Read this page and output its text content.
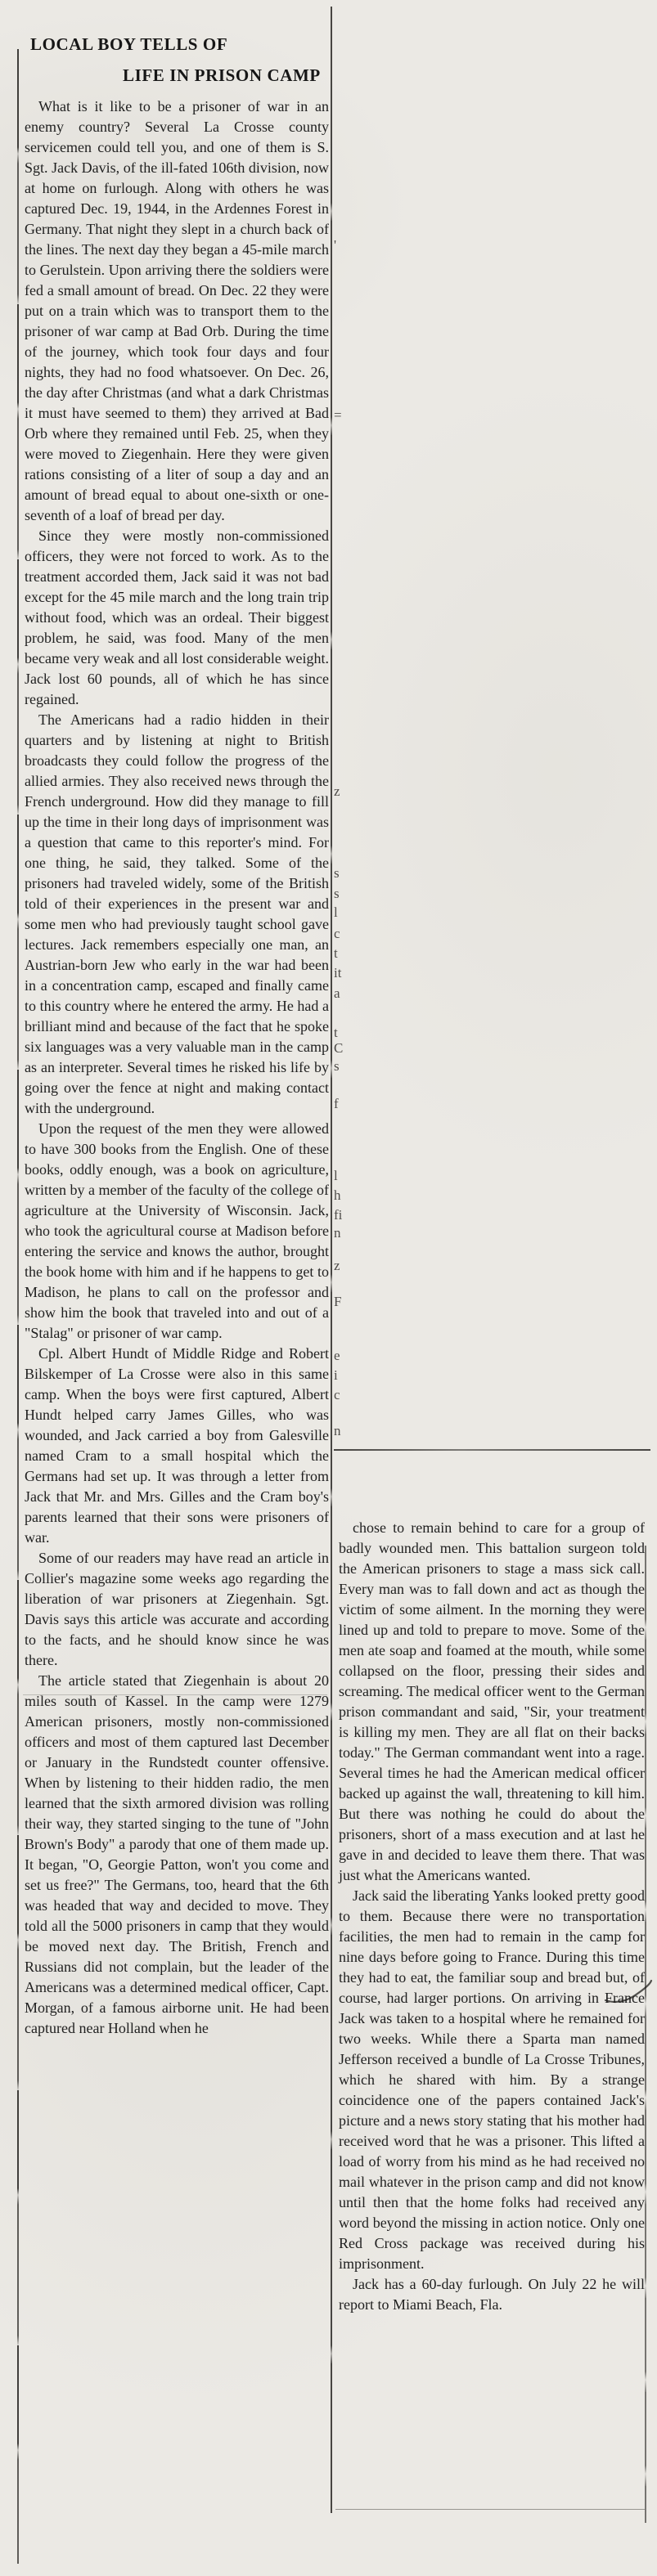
LOCAL BOY TELLS OF
LIFE IN PRISON CAMP

What is it like to be a prisoner of war in an enemy country? Several La Crosse county servicemen could tell you, and one of them is S. Sgt. Jack Davis, of the ill-fated 106th division, now at home on furlough. Along with others he was captured Dec. 19, 1944, in the Ardennes Forest in Germany. That night they slept in a church back of the lines. The next day they began a 45-mile march to Gerulstein. Upon arriving there the soldiers were fed a small amount of bread. On Dec. 22 they were put on a train which was to transport them to the prisoner of war camp at Bad Orb. During the time of the journey, which took four days and four nights, they had no food whatsoever. On Dec. 26, the day after Christmas (and what a dark Christmas it must have seemed to them) they arrived at Bad Orb where they remained until Feb. 25, when they were moved to Ziegenhain. Here they were given rations consisting of a liter of soup a day and an amount of bread equal to about one-sixth or one-seventh of a loaf of bread per day.

Since they were mostly non-commissioned officers, they were not forced to work. As to the treatment accorded them, Jack said it was not bad except for the 45 mile march and the long train trip without food, which was an ordeal. Their biggest problem, he said, was food. Many of the men became very weak and all lost considerable weight. Jack lost 60 pounds, all of which he has since regained.

The Americans had a radio hidden in their quarters and by listening at night to British broadcasts they could follow the progress of the allied armies. They also received news through the French underground. How did they manage to fill up the time in their long days of imprisonment was a question that came to this reporter's mind. For one thing, he said, they talked. Some of the prisoners had traveled widely, some of the British told of their experiences in the present war and some men who had previously taught school gave lectures. Jack remembers especially one man, an Austrian-born Jew who early in the war had been in a concentration camp, escaped and finally came to this country where he entered the army. He had a brilliant mind and because of the fact that he spoke six languages was a very valuable man in the camp as an interpreter. Several times he risked his life by going over the fence at night and making contact with the underground.

Upon the request of the men they were allowed to have 300 books from the English. One of these books, oddly enough, was a book on agriculture, written by a member of the faculty of the college of agriculture at the University of Wisconsin. Jack, who took the agricultural course at Madison before entering the service and knows the author, brought the book home with him and if he happens to get to Madison, he plans to call on the professor and show him the book that traveled into and out of a "Stalag" or prisoner of war camp.

Cpl. Albert Hundt of Middle Ridge and Robert Bilskemper of La Crosse were also in this same camp. When the boys were first captured, Albert Hundt helped carry James Gilles, who was wounded, and Jack carried a boy from Galesville named Cram to a small hospital which the Germans had set up. It was through a letter from Jack that Mr. and Mrs. Gilles and the Cram boy's parents learned that their sons were prisoners of war.

Some of our readers may have read an article in Collier's magazine some weeks ago regarding the liberation of war prisoners at Ziegenhain. Sgt. Davis says this article was accurate and according to the facts, and he should know since he was there.

The article stated that Ziegenhain is about 20 miles south of Kassel. In the camp were 1279 American prisoners, mostly non-commissioned officers and most of them captured last December or January in the Rundstedt counter offensive. When by listening to their hidden radio, the men learned that the sixth armored division was rolling their way, they started singing to the tune of "John Brown's Body" a parody that one of them made up. It began, "O, Georgie Patton, won't you come and set us free?" The Germans, too, heard that the 6th was headed that way and decided to move. They told all the 5000 prisoners in camp that they would be moved next day. The British, French and Russians did not complain, but the leader of the Americans was a determined medical officer, Capt. Morgan, of a famous airborne unit. He had been captured near Holland when he

chose to remain behind to care for a group of badly wounded men. This battalion surgeon told the American prisoners to stage a mass sick call. Every man was to fall down and act as though the victim of some ailment. In the morning they were lined up and told to prepare to move. Some of the men ate soap and foamed at the mouth, while some collapsed on the floor, pressing their sides and screaming. The medical officer went to the German prison commandant and said, "Sir, your treatment is killing my men. They are all flat on their backs today." The German commandant went into a rage. Several times he had the American medical officer backed up against the wall, threatening to kill him. But there was nothing he could do about the prisoners, short of a mass execution and at last he gave in and decided to leave them there. That was just what the Americans wanted.

Jack said the liberating Yanks looked pretty good to them. Because there were no transportation facilities, the men had to remain in the camp for nine days before going to France. During this time they had to eat, the familiar soup and bread but, of course, had larger portions. On arriving in France Jack was taken to a hospital where he remained for two weeks. While there a Sparta man named Jefferson received a bundle of La Crosse Tribunes, which he shared with him. By a strange coincidence one of the papers contained Jack's picture and a news story stating that his mother had received word that he was a prisoner. This lifted a load of worry from his mind as he had received no mail whatever in the prison camp and did not know until then that the home folks had received any word beyond the missing in action notice. Only one Red Cross package was received during his imprisonment.

Jack has a 60-day furlough. On July 22 he will report to Miami Beach, Fla.

'
=
z
s
s
l
c
t
it
a
t
C
s
f
l
h
fi
n
z
F
e
i
c
n
